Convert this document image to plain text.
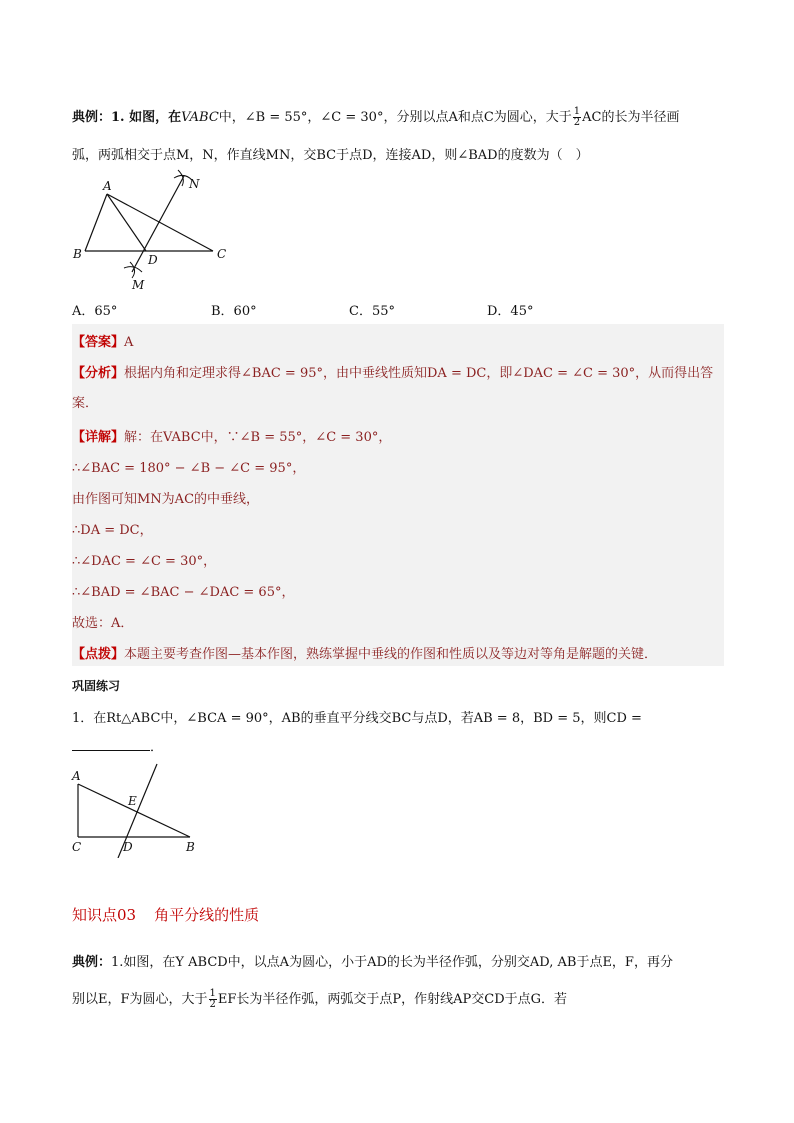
典例：1. 如图，在VABC中，∠B = 55°，∠C = 30°，分别以点A和点C为圆心，大于 $\frac{1}{2}$ AC的长为半径画
弧，两弧相交于点M，N，作直线MN，交BC于点D，连接AD，则∠BAD的度数为（　）
A
B	C
D
M
N
A．65°	B．60°	C．55°	D．45°
【答案】A
【分析】根据内角和定理求得∠BAC = 95°，由中垂线性质知DA = DC，即∠DAC = ∠C = 30°，从而得出答
案．
【详解】解：在VABC中，∵∠B = 55°，∠C = 30°，
∴∠BAC = 180° − ∠B − ∠C = 95°，
由作图可知MN为AC的中垂线，
∴DA = DC，
∴∠DAC = ∠C = 30°，
∴∠BAD = ∠BAC − ∠DAC = 65°，
故选：A．
【点拨】本题主要考查作图—基本作图，熟练掌握中垂线的作图和性质以及等边对等角是解题的关键．
巩固练习
1．在Rt△ABC中，∠BCA = 90°，AB的垂直平分线交BC与点D，若AB = 8，BD = 5，则CD =
．
A
E
C	D	B
知识点03 角平分线的性质
典例：1.如图，在Y ABCD中，以点A为圆心，小于AD的长为半径作弧，分别交AD, AB于点E，F，再分
别以E，F为圆心，大于 $\frac{1}{2}$ EF长为半径作弧，两弧交于点P，作射线AP交CD于点G．若
